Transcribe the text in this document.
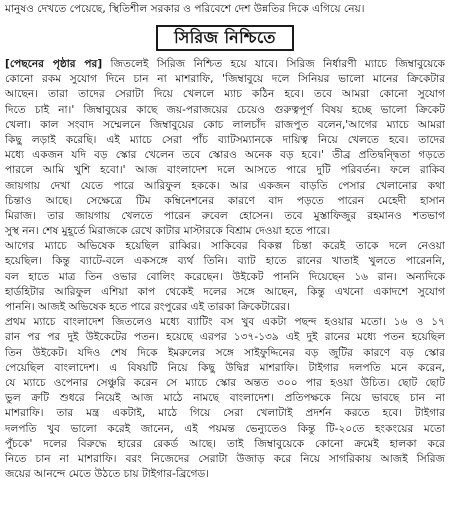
মানুষও দেখতে পেয়েছে, স্থিতিশীল সরকার ও পরিবেশে দেশ উন্নতির দিকে এগিয়ে নেয়।
সিরিজ নিশ্চিতে
[পেছনের পৃষ্ঠার পর] জিতলেই সিরিজ নিশ্চিত হয়ে যাবে। সিরিজ নির্ধারণী ম্যাচে জিম্বাবুয়েকে
কোনো রকম সুযোগ দিনে চান না মাশরাফি, 'জিম্বাবুয়ে দলে সিনিয়র ভালো মানের ক্রিকেটার
আছেন। তারা তাদের সেরাটা দিয়ে খেললে ম্যাচ কঠিন হবে। তবে আমরা কোনো সুযোগ
দিতে চাই না।' জিম্বাবুয়ের কাছে জয়-পরাজয়ের চেয়েও গুরুত্বপূর্ণ বিষয় হচ্ছে ভালো ক্রিকেট
খেলা। কাল সংবাদ সম্মেলনে জিম্বাবুয়ের কোচ লালচাঁদ রাজপুত বলেন,'আগের ম্যাচে আমরা
কিছু লড়াই করেছি। এই ম্যাচে সেরা পাঁচ ব্যাটসম্যানকে দায়িত্ব নিয়ে খেলতে হবে। তাদের
মধ্যে একজন যদি বড় স্কোর খেলেন তবে স্কোরও অনেক বড় হবে।' তীব্র প্রতিদ্বন্দ্বিতা গড়তে
পারলে আমি খুশি হবো।' আজ বাংলাদেশ দলে আসতে পারে দুটি পরিবর্তন। ফলে রাকিব
জায়গায় দেখা যেতে পারে আরিফুল হককে। আর একজন বাড়তি পেসার খেলানোর কথা
চিন্তাও আছে। সেক্ষেত্রে টিম কম্বিনেশনের কারণে বাদ পড়তে পারেন মেহেদী হাসান
মিরাজ। তার জায়গায় খেলতে পারেন রুবেল হোসেন। তবে মুস্তাফিজুর রহমানও শতভাগ
সুস্থ নন। শেষ মুহূর্তে মিরাজকে রেখে কাটার মাস্টারকে বিশ্রাম দেওয়া হতে পারে।
আগের ম্যাচে অভিষেক হয়েছিল রাব্বির। সাকিবের বিকল্প চিন্তা করেই তাকে দলে নেওয়া
হয়েছিল। কিন্তু ব্যাটে-বলে একসঙ্গে ব্যর্থ তিনি। ব্যাট হাতে রানের খাতাই খুলতে পারেননি,
বল হাতে মাত্র তিন ওভার বোলিং করেছেন। উইকেট পাননি দিয়েছেন ১৬ রান। অন্যদিকে
হার্ডহিটার আরিফুল এশিয়া কাপ থেকেই দলের সঙ্গে আছেন, কিন্তু এখনো একাদশে সুযোগ
পাননি। আজই অভিষেক হতে পারে রংপুরের এই তারকা ক্রিকেটারের।
প্রথম ম্যাচে বাংলাদেশ জিতলেও মধ্যে ব্যাটিং বস খুব একটা পছন্দ হওয়ার মতো। ১৬ ও ১৭
রান পর পর দুই উইকেটের পতন। হয়েছে এরপর ১৩৭-১৩৯ এই দুই রানের মধ্যে পতন হয়েছিল
তিন উইকেট। যদিও শেষ দিকে ইমরুলের সঙ্গে সাইফুদ্দিনের বড় জুটির কারণে বড় স্কোর
পেয়েছিল বাংলাদেশ। এ বিষয়টি নিয়ে কিছু উদ্বিগ্ন মাশরাফি। টাইগার দলপতি মনে করেন,
যে ম্যাচে ওপেনার সেঞ্চুরি করেন সে ম্যাচে স্কোর অন্তত ৩০০ পার হওয়া উচিত। ছোট ছোট
ভুল ক্রটি শুধরে নিয়েই আজ মাঠে নামছে বাংলাদেশ। প্রতিপক্ষকে নিয়ে ভাবছে চান না
মাশরাফি। তার মন্ত্র একটাই, মাঠে গিয়ে সেরা খেলাটাই প্রদর্শন করতে হবে। টাইগার
দলপতি খুব ভালো করেই জানেন, এই পয়মন্ত ভেন্যুতেও কিন্তু টি-২০তে হংকংয়ের মতো
পুঁচকে' দলের বিরুদ্ধে হারের রেকর্ড আছে। তাই জিম্বাবুয়েকে কোনো ক্রমেই হালকা করে
নিতে চান না মাশরাফি। বরং নিজেদের সেরাটা উজাড় করে নিয়ে সাগরিকায় আজই সিরিজ
জয়ের আনন্দে মেতে উঠতে চায় টাইগার-ব্রিগেড।
